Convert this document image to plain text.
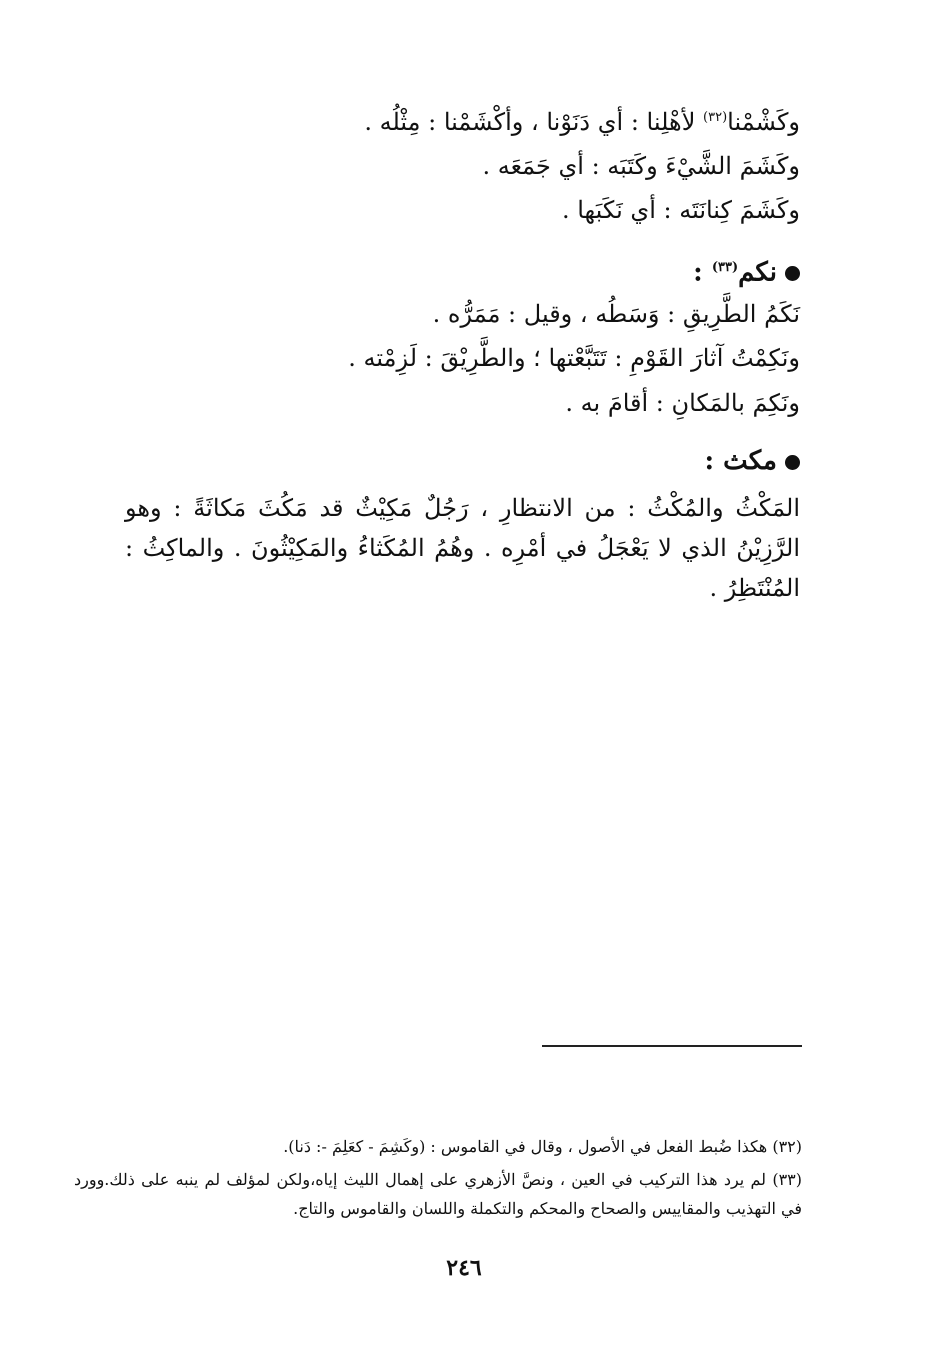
وكَشْمْنا$^{(٣٢)}$ لأهْلِنا : أي دَنَوْنا ، وأكْشَمْنا : مِثْلُه .
وكَشَمَ الشَّيْءَ وكَتَبَه : أي جَمَعَه .
وكَشَمَ كِنانَتَه : أي نَكَبَها .
نكم$^{(٣٣)}$ :
نَكَمُ الطَّرِيقِ : وَسَطُه ، وقيل : مَمَرُّه .
ونَكِمْتُ آثارَ القَوْمِ : تَتَبَّعْتها ؛ والطَّرِيْقَ : لَزِمْته .
ونَكِمَ بالمَكانِ : أقامَ به .
مكث :
المَكْثُ والمُكْثُ : من الانتظارِ ، رَجُلٌ مَكِيْثٌ قد مَكُثَ مَكاثَةً : وهو الرَّزِيْنُ الذي لا يَعْجَلُ في أمْرِه . وهُمُ المُكَثاءُ والمَكِيْثُونَ . والماكِثُ : المُنْتَظِرُ .
(٣٢) هكذا ضُبط الفعل في الأصول ، وقال في القاموس : (وكَشِمَ - كعَلِمَ -: دَنا).
(٣٣) لم يرد هذا التركيب في العين ، ونصَّ الأزهري على إهمال الليث إياه،ولكن لمؤلف لم ينبه على ذلك.وورد في التهذيب والمقاييس والصحاح والمحكم والتكملة واللسان والقاموس والتاج.
٢٤٦
